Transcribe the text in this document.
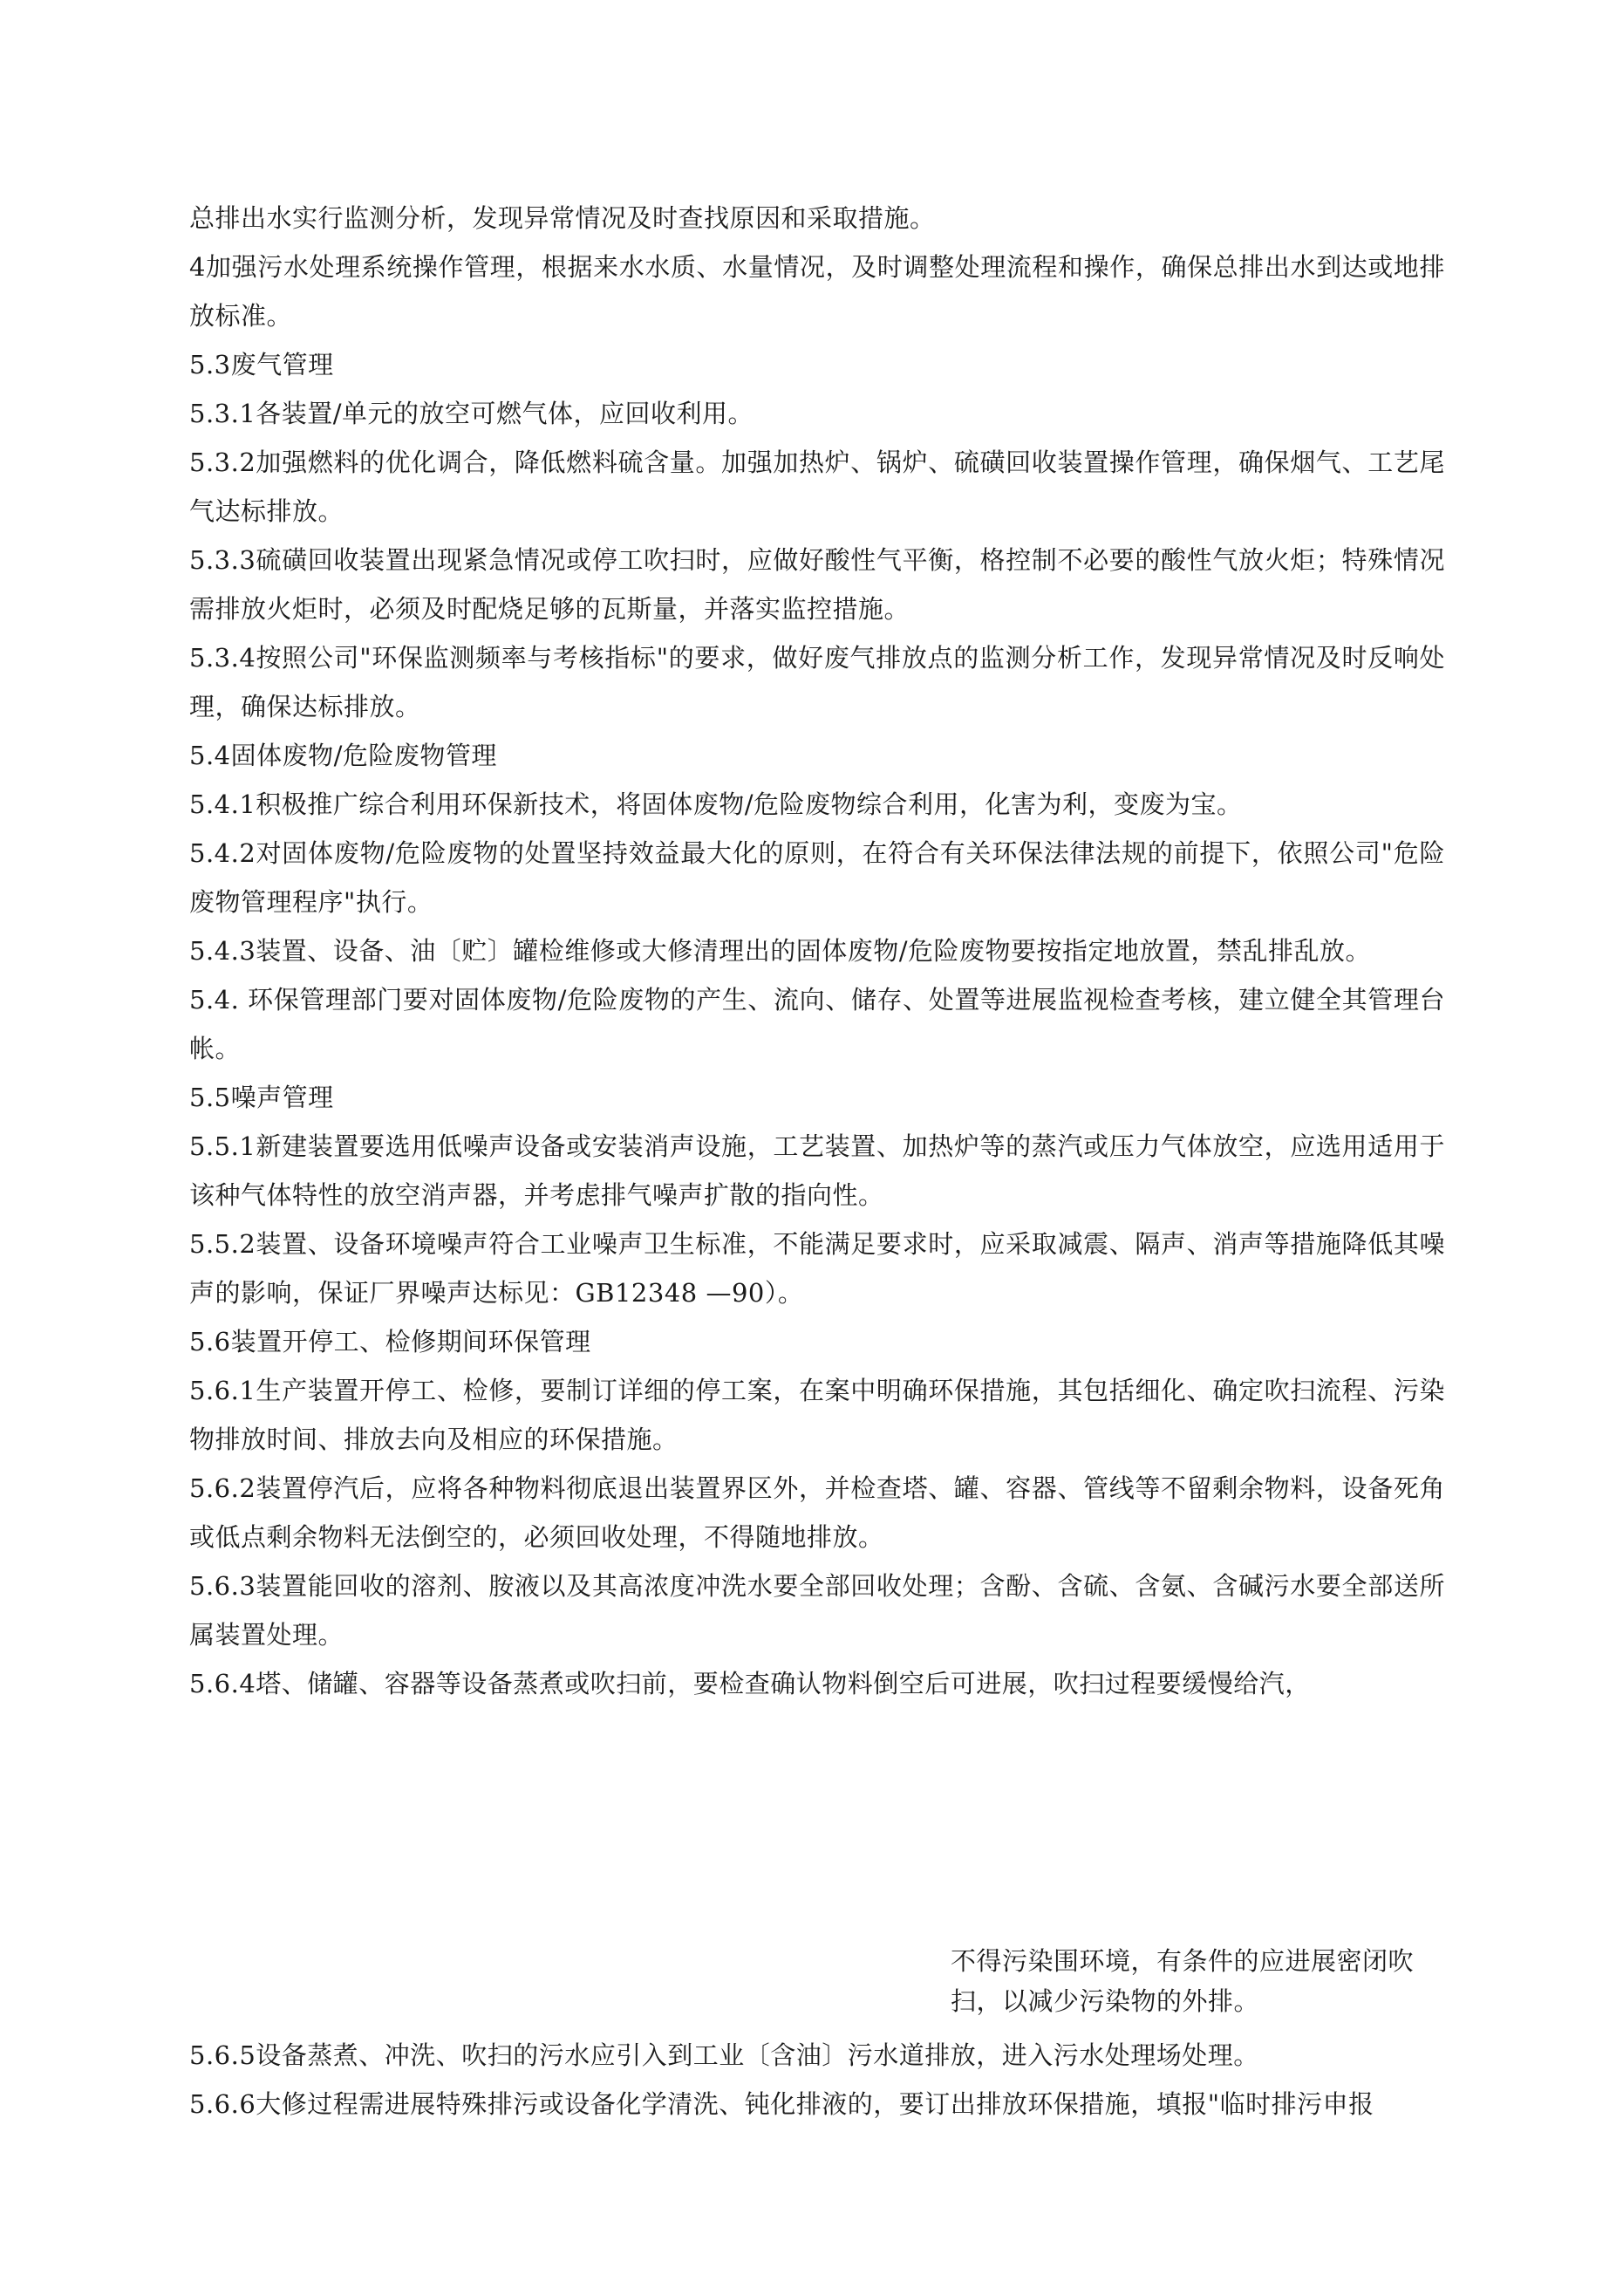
总排出水实行监测分析，发现异常情况及时查找原因和采取措施。

4加强污水处理系统操作管理，根据来水水质、水量情况，及时调整处理流程和操作，确保总排出水到达或地排放标准。

5.3废气管理

5.3.1各装置/单元的放空可燃气体，应回收利用。

5.3.2加强燃料的优化调合，降低燃料硫含量。加强加热炉、锅炉、硫磺回收装置操作管理，确保烟气、工艺尾气达标排放。

5.3.3硫磺回收装置出现紧急情况或停工吹扫时，应做好酸性气平衡，格控制不必要的酸性气放火炬；特殊情况需排放火炬时，必须及时配烧足够的瓦斯量，并落实监控措施。

5.3.4按照公司"环保监测频率与考核指标"的要求，做好废气排放点的监测分析工作，发现异常情况及时反响处理，确保达标排放。

5.4固体废物/危险废物管理

5.4.1积极推广综合利用环保新技术，将固体废物/危险废物综合利用，化害为利，变废为宝。

5.4.2对固体废物/危险废物的处置坚持效益最大化的原则，在符合有关环保法律法规的前提下，依照公司"危险废物管理程序"执行。

5.4.3装置、设备、油〔贮〕罐检维修或大修清理出的固体废物/危险废物要按指定地放置，禁乱排乱放。

5.4. 环保管理部门要对固体废物/危险废物的产生、流向、储存、处置等进展监视检查考核，建立健全其管理台帐。

5.5噪声管理

5.5.1新建装置要选用低噪声设备或安装消声设施，工艺装置、加热炉等的蒸汽或压力气体放空，应选用适用于该种气体特性的放空消声器，并考虑排气噪声扩散的指向性。

5.5.2装置、设备环境噪声符合工业噪声卫生标准，不能满足要求时，应采取减震、隔声、消声等措施降低其噪声的影响，保证厂界噪声达标见：GB12348 —90）。

5.6装置开停工、检修期间环保管理

5.6.1生产装置开停工、检修，要制订详细的停工案，在案中明确环保措施，其包括细化、确定吹扫流程、污染物排放时间、排放去向及相应的环保措施。

5.6.2装置停汽后，应将各种物料彻底退出装置界区外，并检查塔、罐、容器、管线等不留剩余物料，设备死角或低点剩余物料无法倒空的，必须回收处理，不得随地排放。

5.6.3装置能回收的溶剂、胺液以及其高浓度冲洗水要全部回收处理；含酚、含硫、含氨、含碱污水要全部送所属装置处理。

5.6.4塔、储罐、容器等设备蒸煮或吹扫前，要检查确认物料倒空后可进展，吹扫过程要缓慢给汽，

不得污染围环境，有条件的应进展密闭吹扫，以减少污染物的外排。

5.6.5设备蒸煮、冲洗、吹扫的污水应引入到工业〔含油〕污水道排放，进入污水处理场处理。

5.6.6大修过程需进展特殊排污或设备化学清洗、钝化排液的，要订出排放环保措施，填报"临时排污申报
